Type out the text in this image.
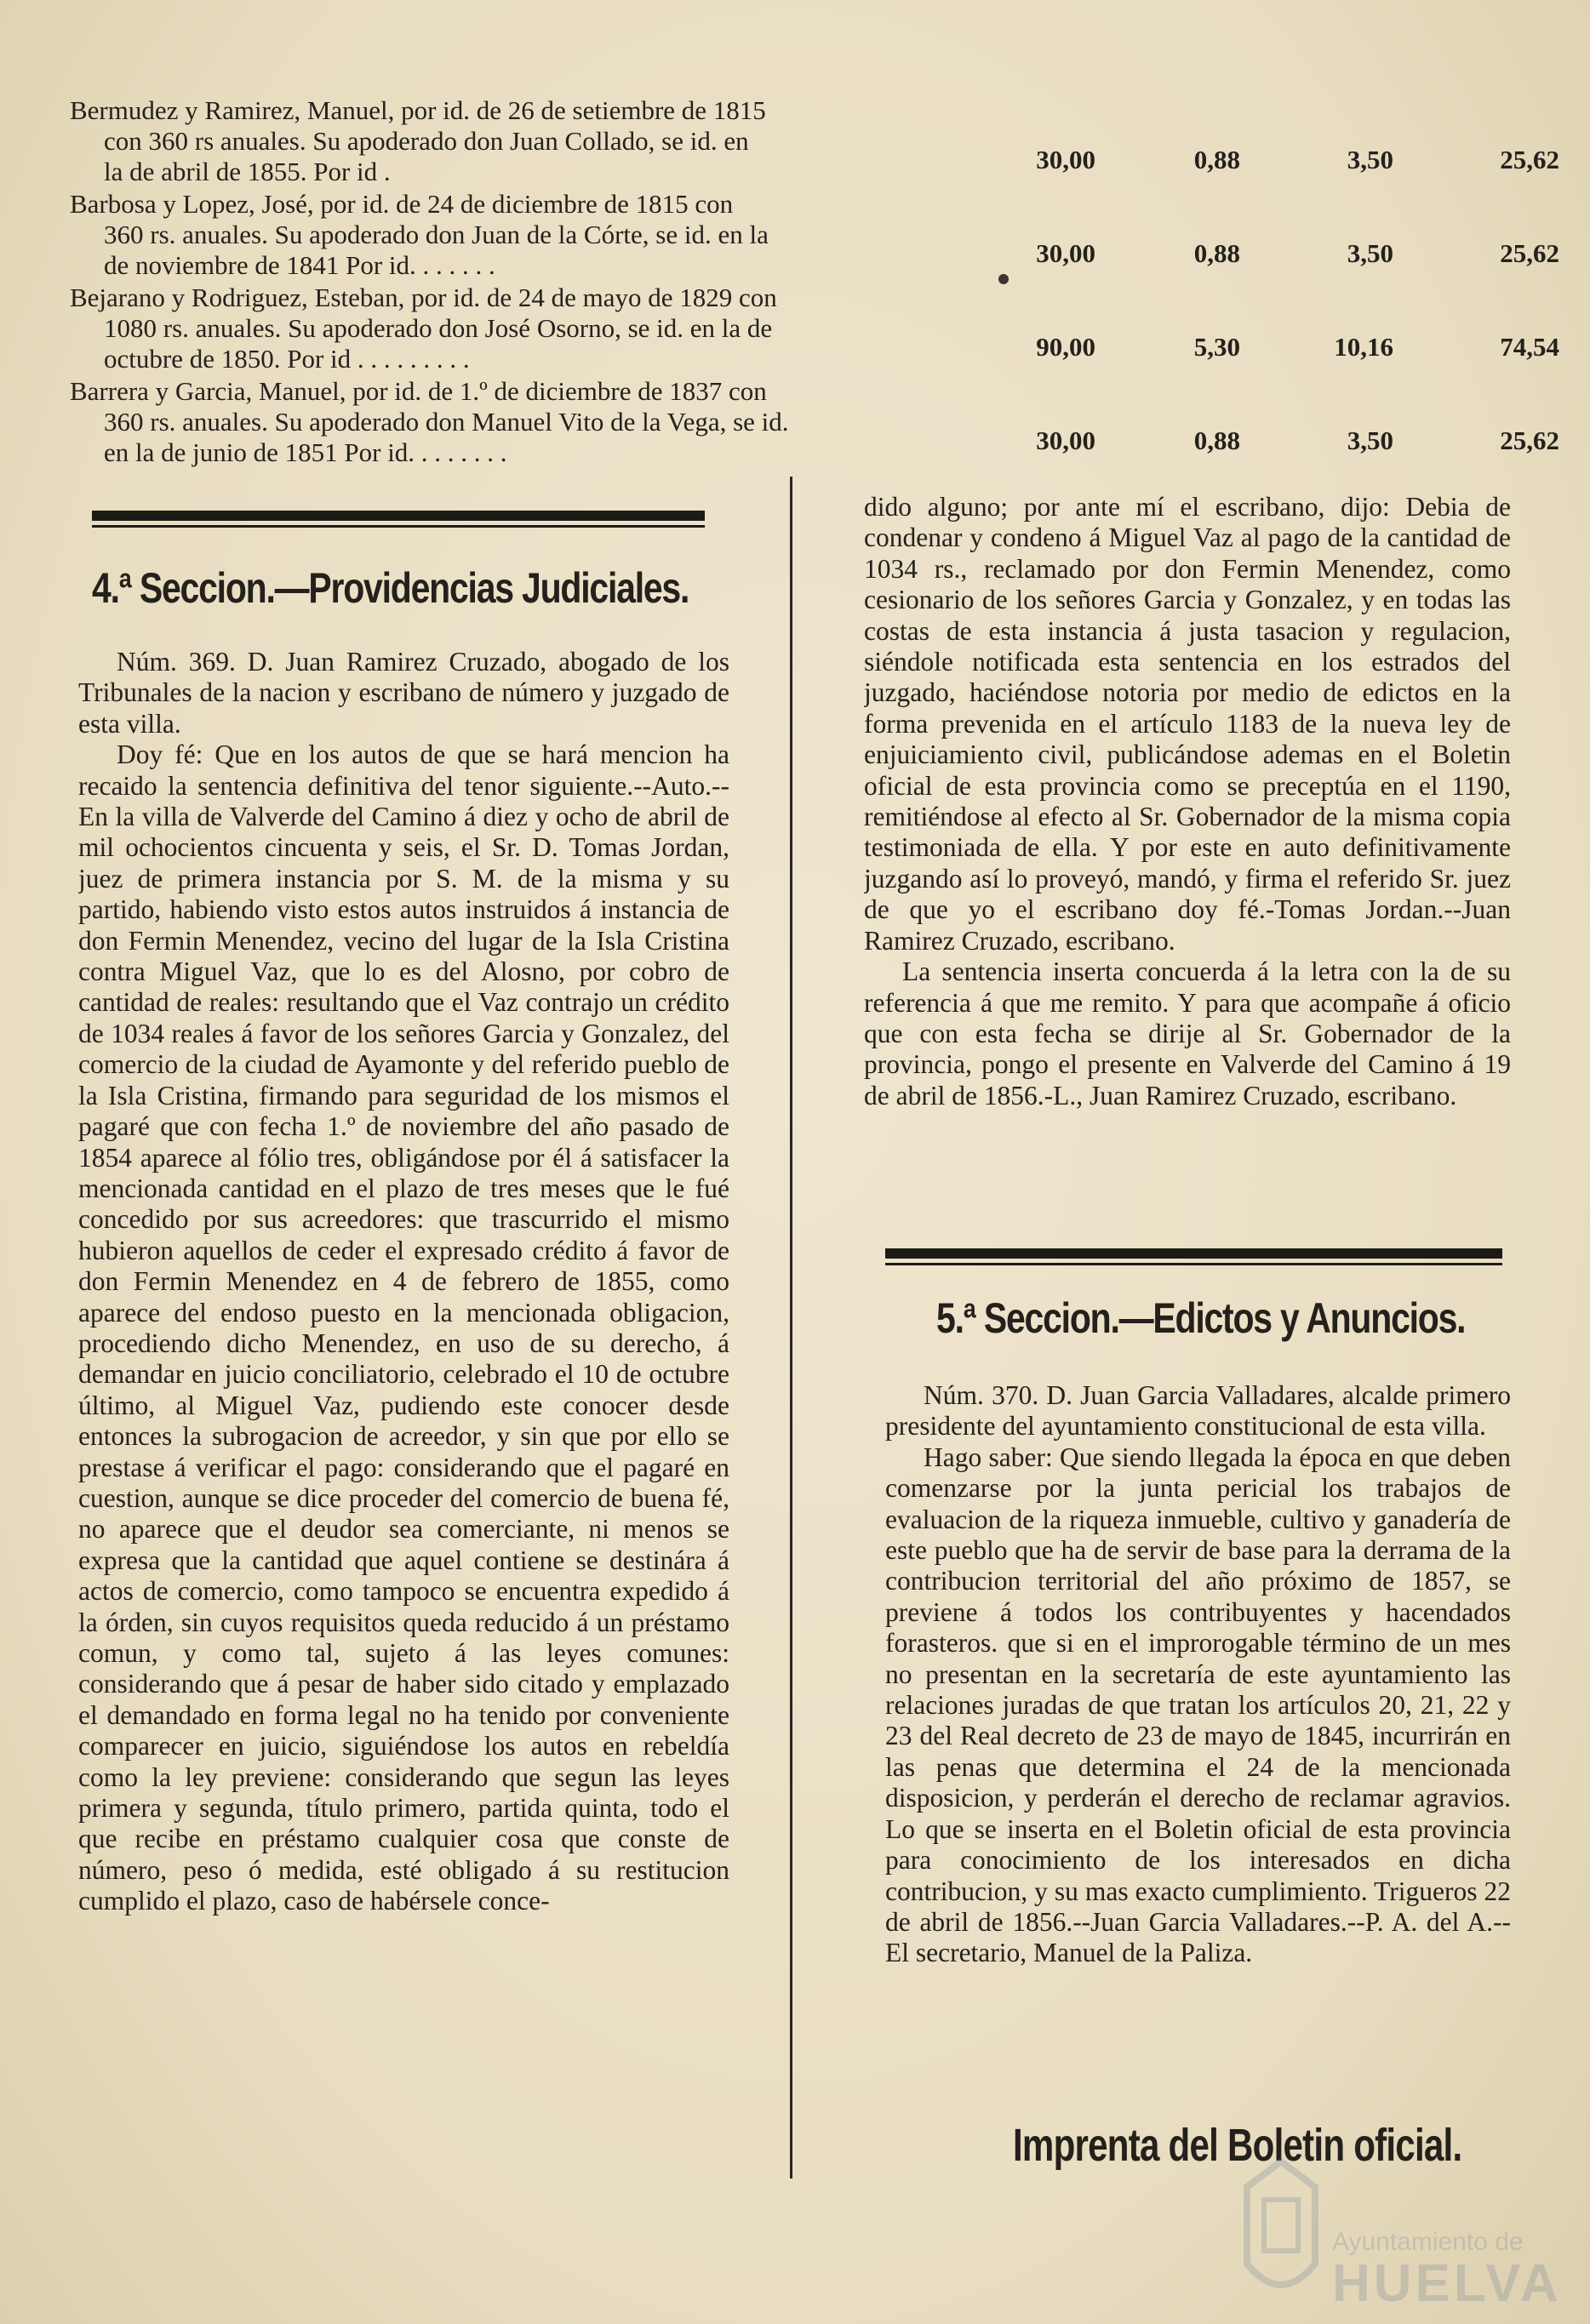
Bermudez y Ramirez, Manuel, por id. de 26 de setiembre de 1815
con 360 rs anuales. Su apoderado don Juan Collado, se id. en
la de abril de 1855. Por id .	30,00	0,88	3,50	25,62
Barbosa y Lopez, José, por id. de 24 de diciembre de 1815 con
360 rs. anuales. Su apoderado don Juan de la Córte, se id. en la
de noviembre de 1841 Por id. . . . . . .	30,00	0,88	3,50	25,62
Bejarano y Rodriguez, Esteban, por id. de 24 de mayo de 1829 con
1080 rs. anuales. Su apoderado don José Osorno, se id. en la de
octubre de 1850. Por id . . . . . . . . .	90,00	5,30	10,16	74,54
Barrera y Garcia, Manuel, por id. de 1.º de diciembre de 1837 con
360 rs. anuales. Su apoderado don Manuel Vito de la Vega, se id.
en la de junio de 1851 Por id. . . . . . . .	30,00	0,88	3,50	25,62
4.ª Seccion.—Providencias Judiciales.

Núm. 369. D. Juan Ramirez Cruzado, abogado de los Tribunales de la nacion y escribano de número y juzgado de esta villa.

Doy fé: Que en los autos de que se hará mencion ha recaido la sentencia definitiva del tenor siguiente.--Auto.--En la villa de Valverde del Camino á diez y ocho de abril de mil ochocientos cincuenta y seis, el Sr. D. Tomas Jordan, juez de primera instancia por S. M. de la misma y su partido, habiendo visto estos autos instruidos á instancia de don Fermin Menendez, vecino del lugar de la Isla Cristina contra Miguel Vaz, que lo es del Alosno, por cobro de cantidad de reales: resultando que el Vaz contrajo un crédito de 1034 reales á favor de los señores Garcia y Gonzalez, del comercio de la ciudad de Ayamonte y del referido pueblo de la Isla Cristina, firmando para seguridad de los mismos el pagaré que con fecha 1.º de noviembre del año pasado de 1854 aparece al fólio tres, obligándose por él á satisfacer la mencionada cantidad en el plazo de tres meses que le fué concedido por sus acreedores: que trascurrido el mismo hubieron aquellos de ceder el expresado crédito á favor de don Fermin Menendez en 4 de febrero de 1855, como aparece del endoso puesto en la mencionada obligacion, procediendo dicho Menendez, en uso de su derecho, á demandar en juicio conciliatorio, celebrado el 10 de octubre último, al Miguel Vaz, pudiendo este conocer desde entonces la subrogacion de acreedor, y sin que por ello se prestase á verificar el pago: considerando que el pagaré en cuestion, aunque se dice proceder del comercio de buena fé, no aparece que el deudor sea comerciante, ni menos se expresa que la cantidad que aquel contiene se destinára á actos de comercio, como tampoco se encuentra expedido á la órden, sin cuyos requisitos queda reducido á un préstamo comun, y como tal, sujeto á las leyes comunes: considerando que á pesar de haber sido citado y emplazado el demandado en forma legal no ha tenido por conveniente comparecer en juicio, siguiéndose los autos en rebeldía como la ley previene: considerando que segun las leyes primera y segunda, título primero, partida quinta, todo el que recibe en préstamo cualquier cosa que conste de número, peso ó medida, esté obligado á su restitucion cumplido el plazo, caso de habérsele conce-

dido alguno; por ante mí el escribano, dijo: Debia de condenar y condeno á Miguel Vaz al pago de la cantidad de 1034 rs., reclamado por don Fermin Menendez, como cesionario de los señores Garcia y Gonzalez, y en todas las costas de esta instancia á justa tasacion y regulacion, siéndole notificada esta sentencia en los estrados del juzgado, haciéndose notoria por medio de edictos en la forma prevenida en el artículo 1183 de la nueva ley de enjuiciamiento civil, publicándose ademas en el Boletin oficial de esta provincia como se preceptúa en el 1190, remitiéndose al efecto al Sr. Gobernador de la misma copia testimoniada de ella. Y por este en auto definitivamente juzgando así lo proveyó, mandó, y firma el referido Sr. juez de que yo el escribano doy fé.-Tomas Jordan.--Juan Ramirez Cruzado, escribano.

La sentencia inserta concuerda á la letra con la de su referencia á que me remito. Y para que acompañe á oficio que con esta fecha se dirije al Sr. Gobernador de la provincia, pongo el presente en Valverde del Camino á 19 de abril de 1856.-L., Juan Ramirez Cruzado, escribano.

5.ª Seccion.—Edictos y Anuncios.

Núm. 370. D. Juan Garcia Valladares, alcalde primero presidente del ayuntamiento constitucional de esta villa.

Hago saber: Que siendo llegada la época en que deben comenzarse por la junta pericial los trabajos de evaluacion de la riqueza inmueble, cultivo y ganadería de este pueblo que ha de servir de base para la derrama de la contribucion territorial del año próximo de 1857, se previene á todos los contribuyentes y hacendados forasteros. que si en el improrogable término de un mes no presentan en la secretaría de este ayuntamiento las relaciones juradas de que tratan los artículos 20, 21, 22 y 23 del Real decreto de 23 de mayo de 1845, incurrirán en las penas que determina el 24 de la mencionada disposicion, y perderán el derecho de reclamar agravios. Lo que se inserta en el Boletin oficial de esta provincia para conocimiento de los interesados en dicha contribucion, y su mas exacto cumplimiento. Trigueros 22 de abril de 1856.--Juan Garcia Valladares.--P. A. del A.--El secretario, Manuel de la Paliza.

Imprenta del Boletin oficial.
Ayuntamiento de
HUELVA
